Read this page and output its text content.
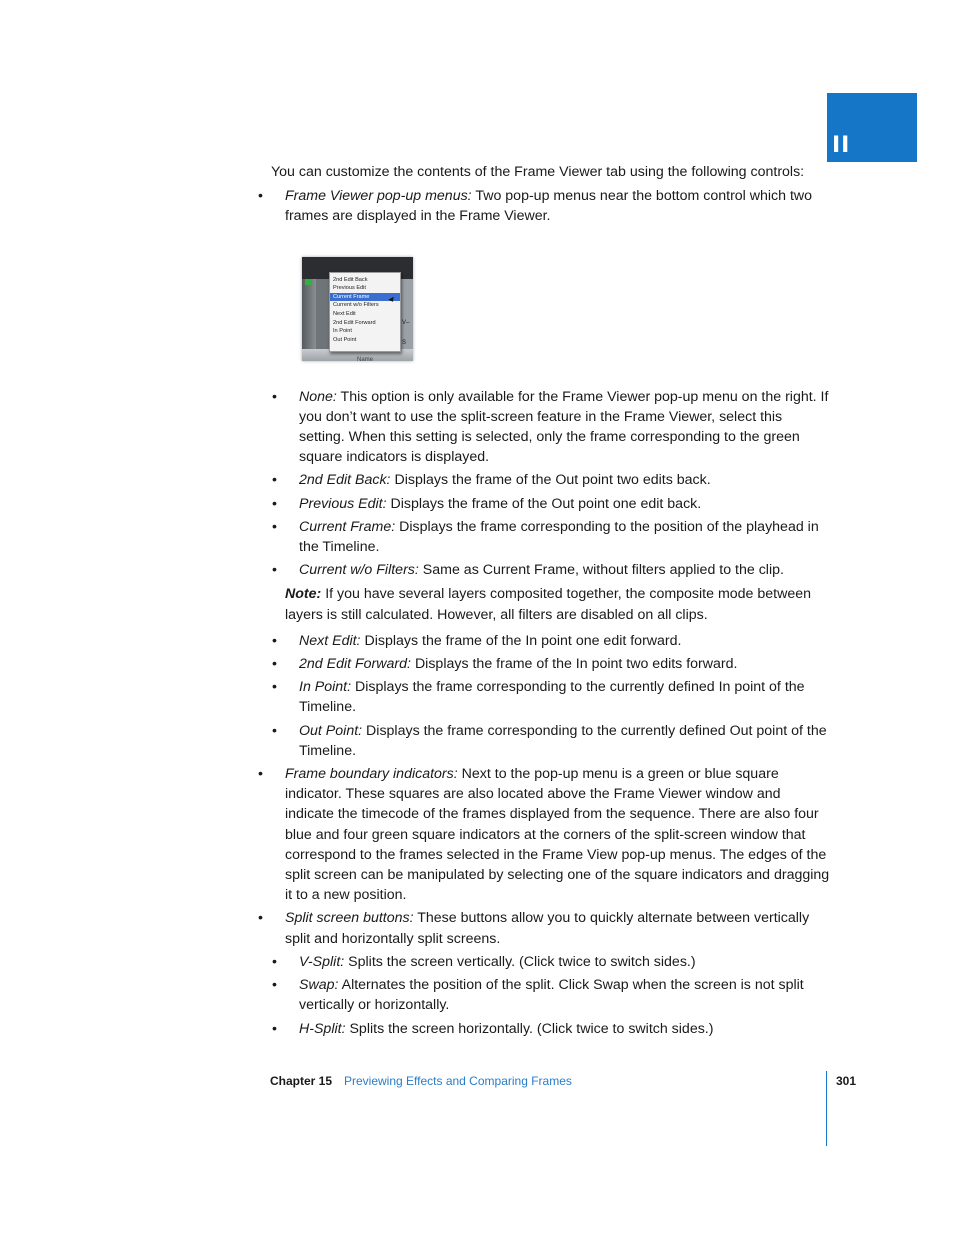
II

You can customize the contents of the Frame Viewer tab using the following controls:

• Frame Viewer pop-up menus: Two pop-up menus near the bottom control which two frames are displayed in the Frame Viewer.
V–S
Name
2nd Edit Back
Previous Edit
Current Frame
Current w/o Filters
Next Edit
2nd Edit Forward
In Point
Out Point
• None: This option is only available for the Frame Viewer pop-up menu on the right. If you don’t want to use the split-screen feature in the Frame Viewer, select this setting. When this setting is selected, only the frame corresponding to the green square indicators is displayed.
• 2nd Edit Back: Displays the frame of the Out point two edits back.
• Previous Edit: Displays the frame of the Out point one edit back.
• Current Frame: Displays the frame corresponding to the position of the playhead in the Timeline.
• Current w/o Filters: Same as Current Frame, without filters applied to the clip.

Note: If you have several layers composited together, the composite mode between layers is still calculated. However, all filters are disabled on all clips.

• Next Edit: Displays the frame of the In point one edit forward.
• 2nd Edit Forward: Displays the frame of the In point two edits forward.
• In Point: Displays the frame corresponding to the currently defined In point of the Timeline.
• Out Point: Displays the frame corresponding to the currently defined Out point of the Timeline.
• Frame boundary indicators: Next to the pop-up menu is a green or blue square indicator. These squares are also located above the Frame Viewer window and indicate the timecode of the frames displayed from the sequence. There are also four blue and four green square indicators at the corners of the split-screen window that correspond to the frames selected in the Frame View pop-up menus. The edges of the split screen can be manipulated by selecting one of the square indicators and dragging it to a new position.
• Split screen buttons: These buttons allow you to quickly alternate between vertically split and horizontally split screens.
• V-Split: Splits the screen vertically. (Click twice to switch sides.)
• Swap: Alternates the position of the split. Click Swap when the screen is not split vertically or horizontally.
• H-Split: Splits the screen horizontally. (Click twice to switch sides.)
Chapter 15 Previewing Effects and Comparing Frames	301
